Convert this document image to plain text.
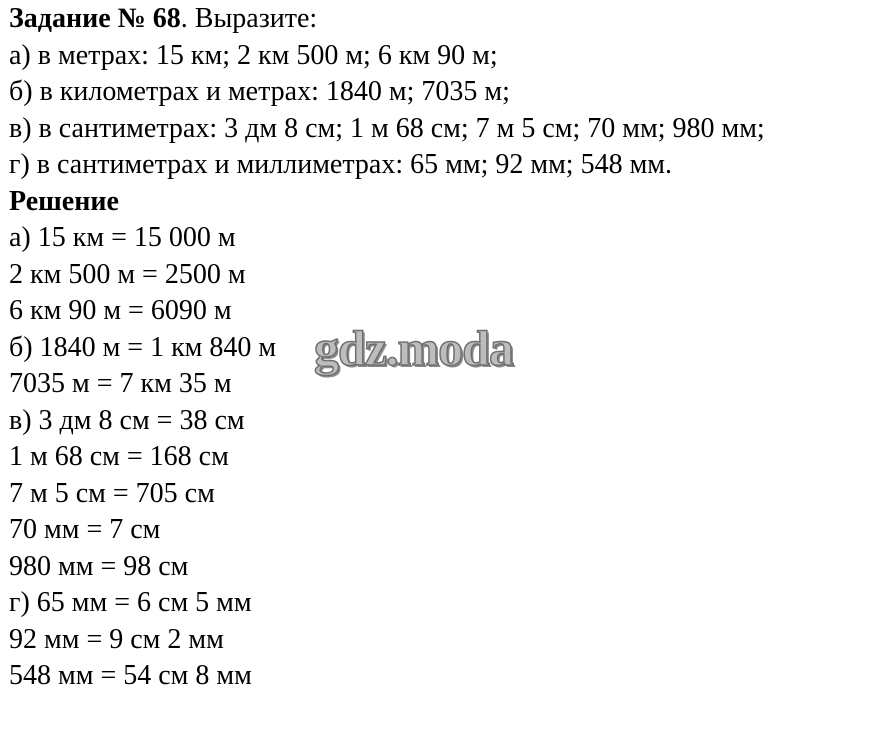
Задание № 68. Выразите:
а) в метрах: 15 км; 2 км 500 м; 6 км 90 м;
б) в километрах и метрах: 1840 м; 7035 м;
в) в сантиметрах: 3 дм 8 см; 1 м 68 см; 7 м 5 см; 70 мм; 980 мм;
г) в сантиметрах и миллиметрах: 65 мм; 92 мм; 548 мм.
Решение
а) 15 км = 15 000 м
2 км 500 м = 2500 м
6 км 90 м = 6090 м
б) 1840 м = 1 км 840 м
7035 м = 7 км 35 м
в) 3 дм 8 см = 38 см
1 м 68 см = 168 см
7 м 5 см = 705 см
70 мм = 7 см
980 мм = 98 см
г) 65 мм = 6 см 5 мм
92 мм = 9 см 2 мм
548 мм = 54 см 8 мм
gdz.moda
